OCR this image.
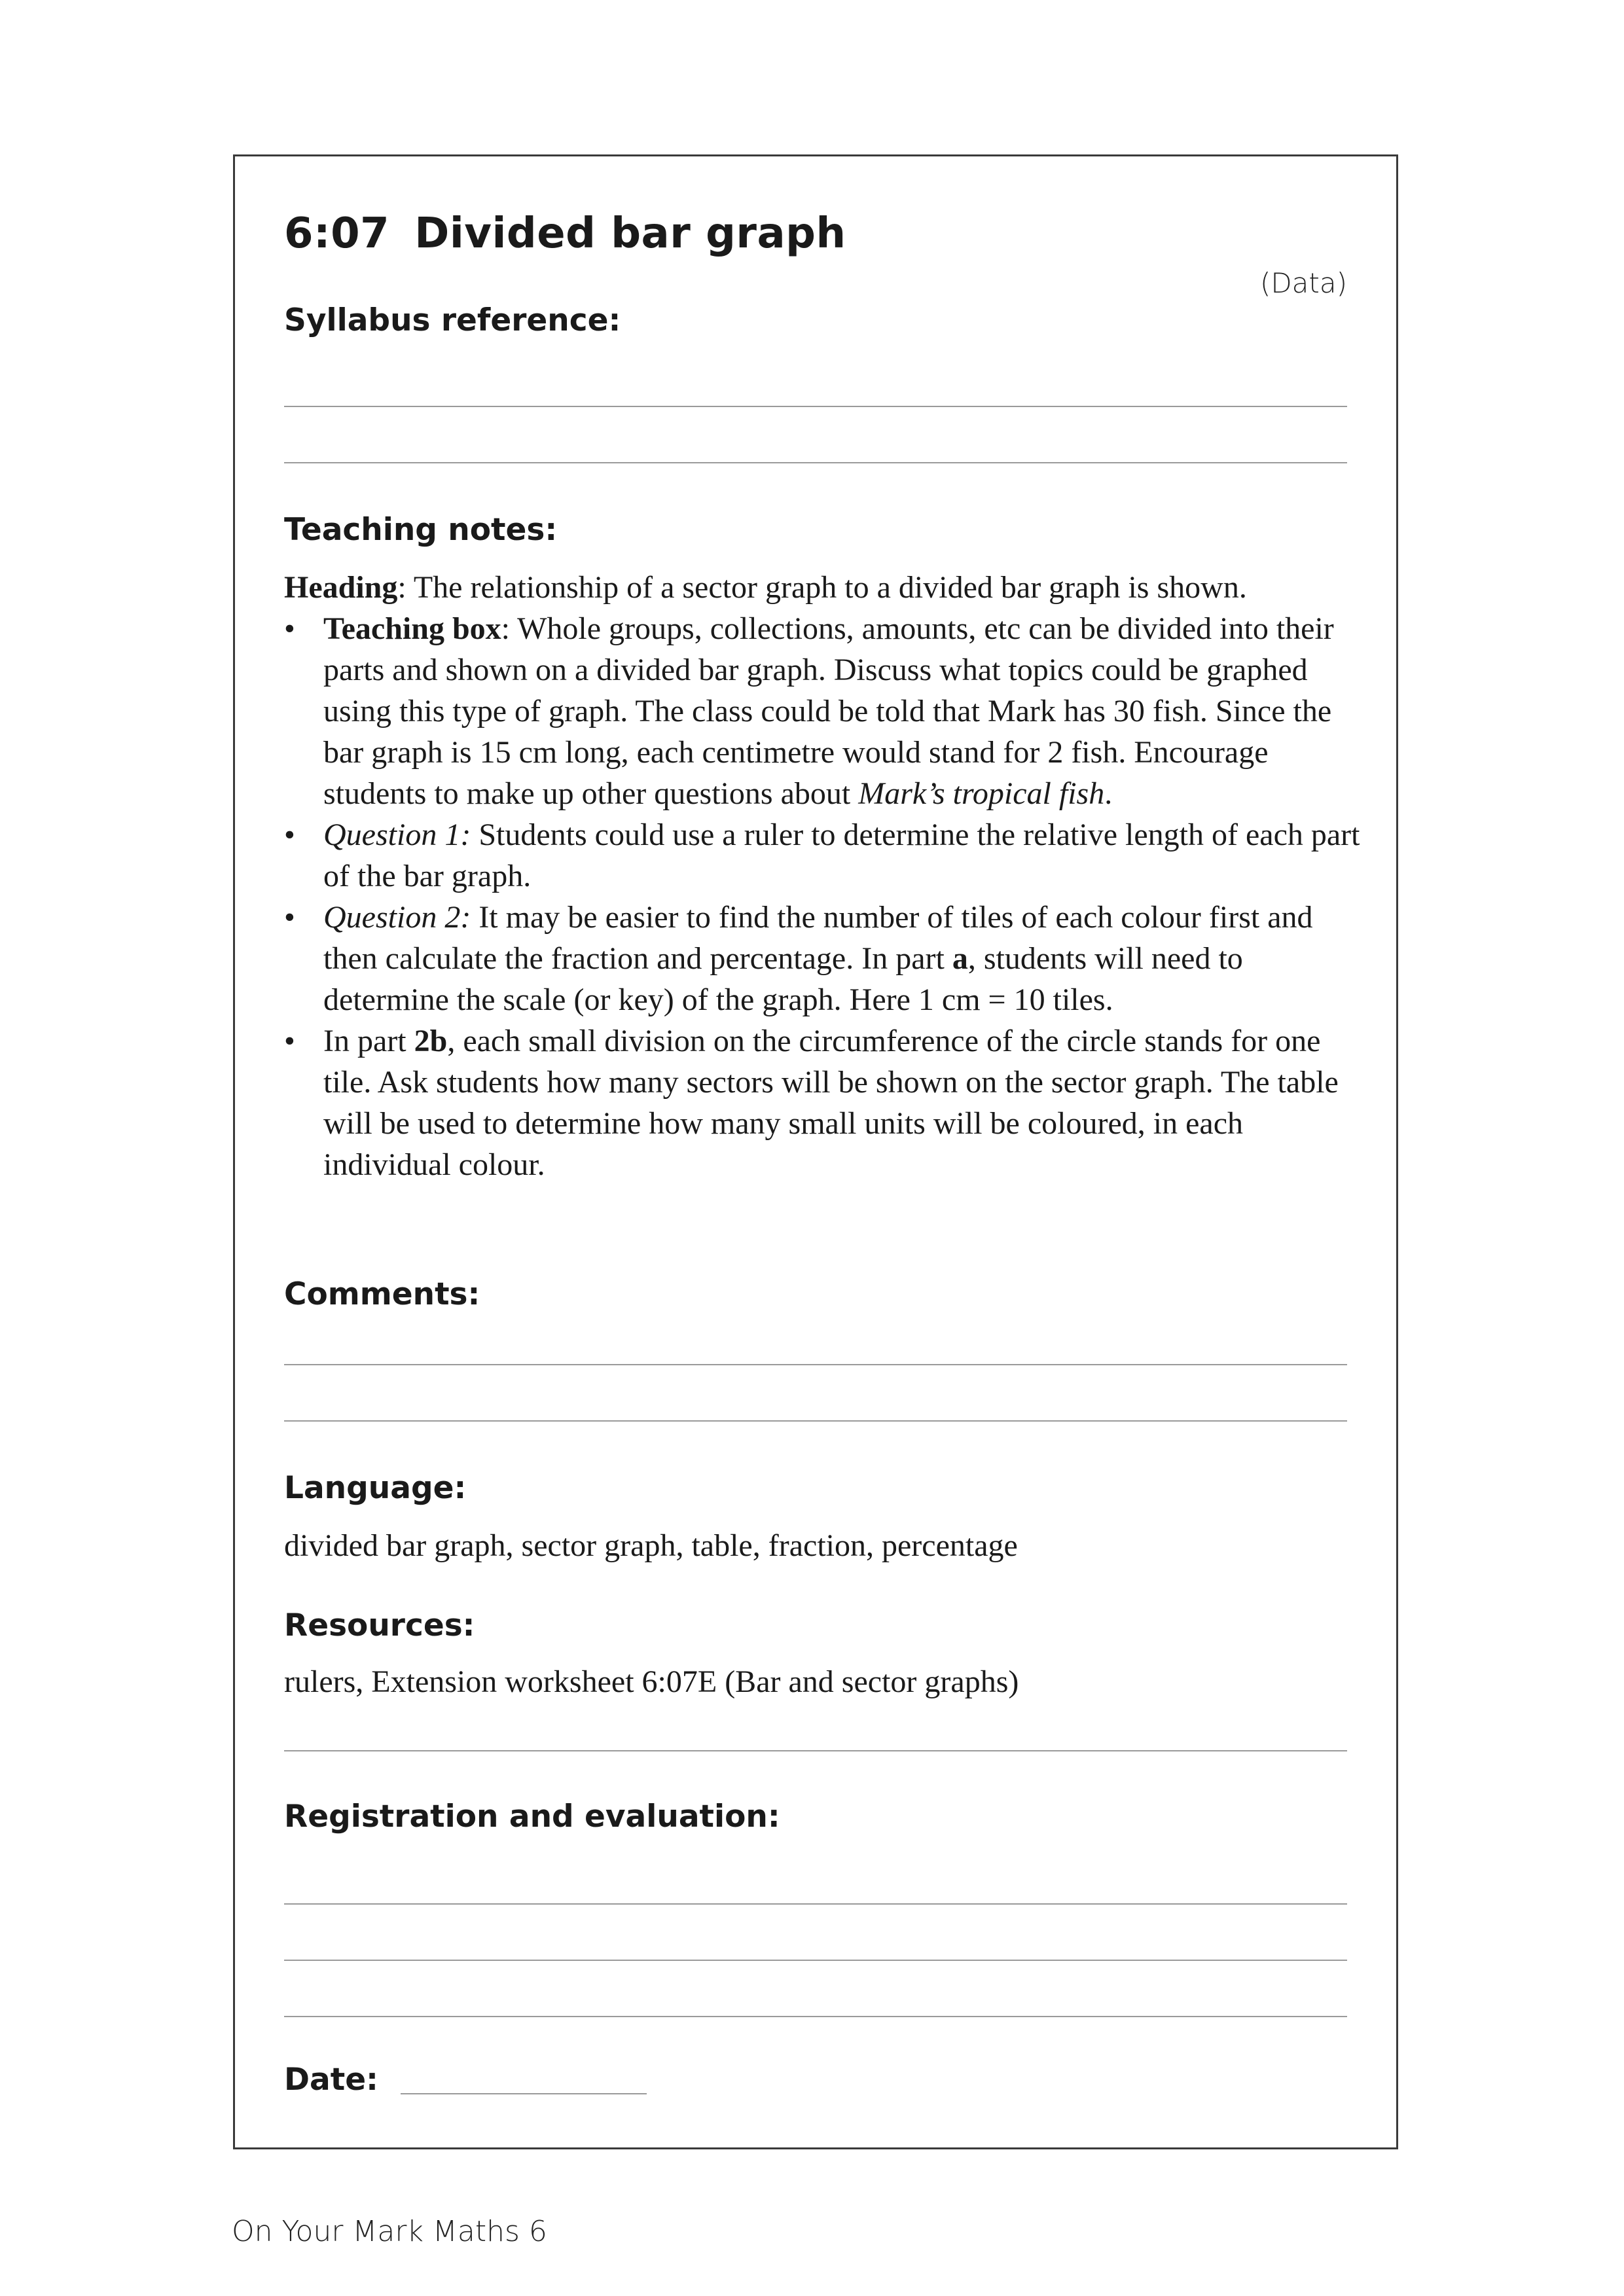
6:07 Divided bar graph
(Data)
Syllabus reference:
Teaching notes:

Heading: The relationship of a sector graph to a divided bar graph is shown.

• Teaching box: Whole groups, collections, amounts, etc can be divided into their parts and shown on a divided bar graph. Discuss what topics could be graphed using this type of graph. The class could be told that Mark has 30 fish. Since the bar graph is 15 cm long, each centimetre would stand for 2 fish. Encourage students to make up other questions about Mark’s tropical fish.

• Question 1: Students could use a ruler to determine the relative length of each part of the bar graph.

• Question 2: It may be easier to find the number of tiles of each colour first and then calculate the fraction and percentage. In part a, students will need to determine the scale (or key) of the graph. Here 1 cm = 10 tiles.

• In part 2b, each small division on the circumference of the circle stands for one tile. Ask students how many sectors will be shown on the sector graph. The table will be used to determine how many small units will be coloured, in each individual colour.

Comments:
Language:
divided bar graph, sector graph, table, fraction, percentage
Resources:
rulers, Extension worksheet 6:07E (Bar and sector graphs)
Registration and evaluation:
Date:
On Your Mark Maths 6
